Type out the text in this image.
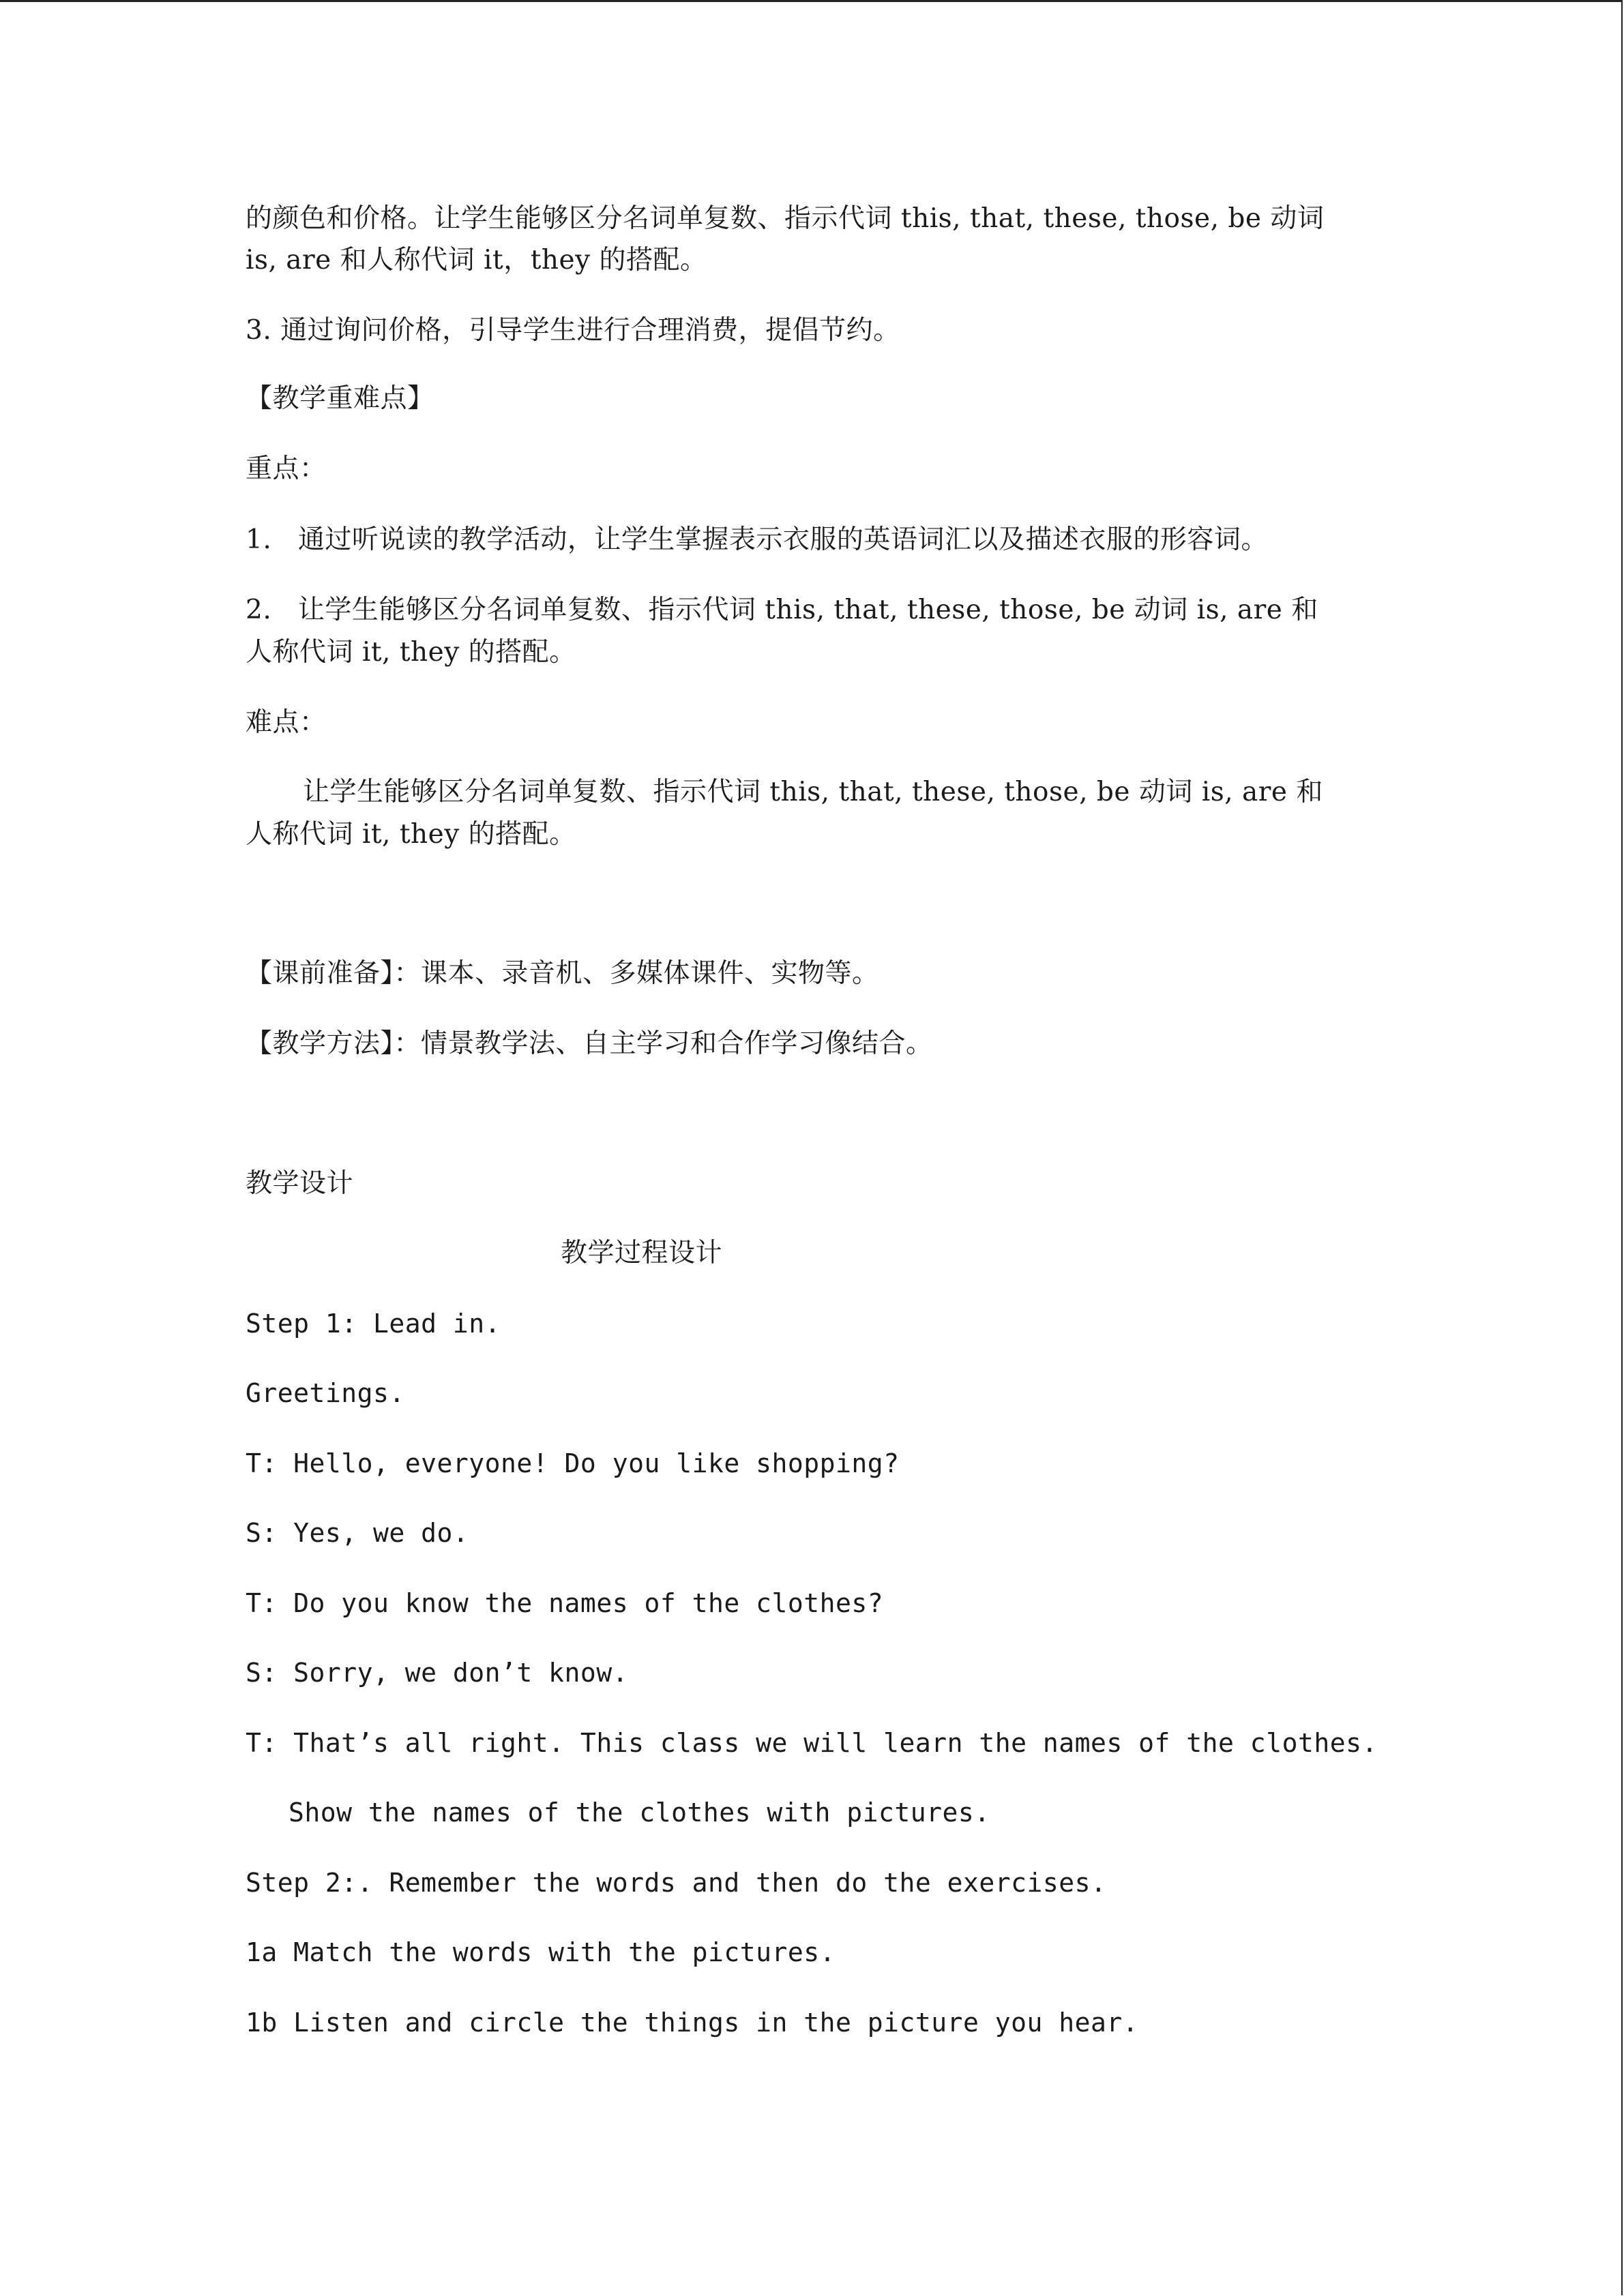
的颜色和价格。让学生能够区分名词单复数、指示代词 this, that, these, those, be 动词
is, are 和人称代词 it，they 的搭配。
3. 通过询问价格，引导学生进行合理消费，提倡节约。
【教学重难点】
重点：
1.   通过听说读的教学活动，让学生掌握表示衣服的英语词汇以及描述衣服的形容词。
2.   让学生能够区分名词单复数、指示代词 this, that, these, those, be 动词 is, are 和
人称代词 it, they 的搭配。
难点：
让学生能够区分名词单复数、指示代词 this, that, these, those, be 动词 is, are 和
人称代词 it, they 的搭配。
【课前准备】：课本、录音机、多媒体课件、实物等。
【教学方法】：情景教学法、自主学习和合作学习像结合。
教学设计
教学过程设计
Step 1: Lead in.
Greetings.
T: Hello, everyone! Do you like shopping?
S: Yes, we do.
T: Do you know the names of the clothes?
S: Sorry, we don’t know.
T: That’s all right. This class we will learn the names of the clothes.
Show the names of the clothes with pictures.
Step 2:. Remember the words and then do the exercises.
1a Match the words with the pictures.
1b Listen and circle the things in the picture you hear.
